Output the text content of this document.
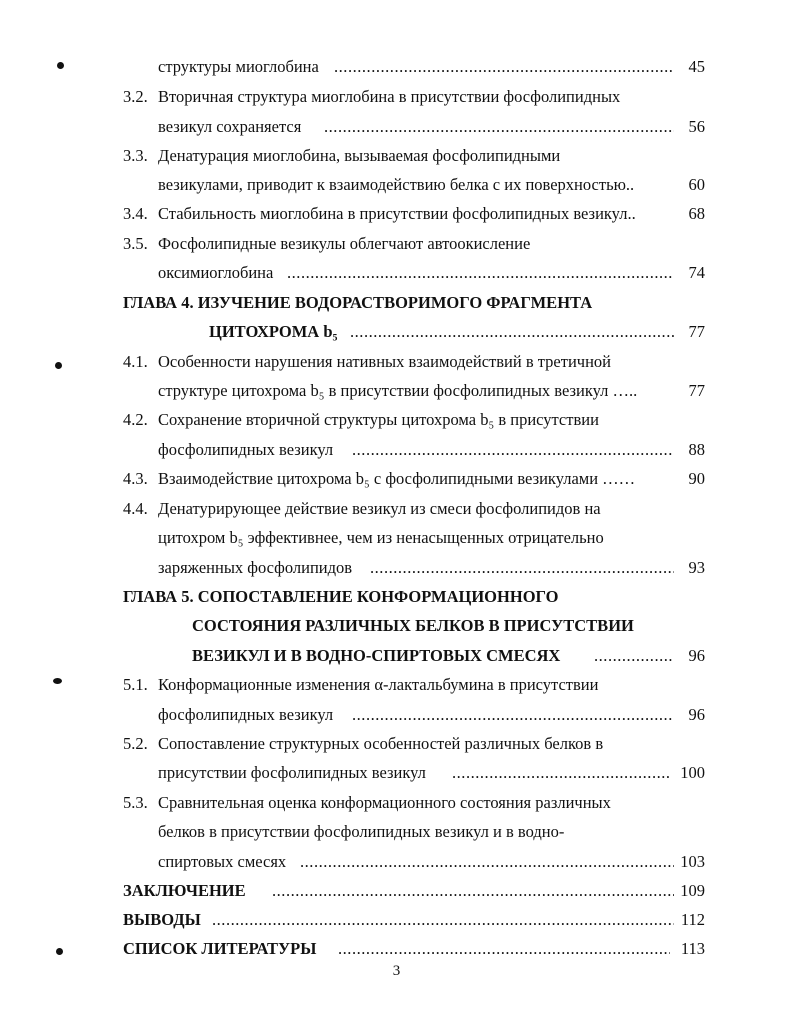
структуры миоглобина . . .	45
3.2. Вторичная структура миоглобина в присутствии фосфолипидных
везикул сохраняется . . .	56
3.3. Денатурация миоглобина, вызываемая фосфолипидными
везикулами, приводит к взаимодействию белка с их поверхностью..	60
3.4. Стабильность миоглобина в присутствии фосфолипидных везикул..	68
3.5. Фосфолипидные везикулы облегчают автоокисление
оксимиоглобина . . .	74
ГЛАВА 4. ИЗУЧЕНИЕ ВОДОРАСТВОРИМОГО ФРАГМЕНТА
ЦИТОХРОМА b₅ . . .	77
4.1. Особенности нарушения нативных взаимодействий в третичной
структуре цитохрома b₅ в присутствии фосфолипидных везикул …..	77
4.2. Сохранение вторичной структуры цитохрома b₅ в присутствии
фосфолипидных везикул . . .	88
4.3. Взаимодействие цитохрома b₅ с фосфолипидными везикулами ……	90
4.4. Денатурирующее действие везикул из смеси фосфолипидов на
цитохром b₅ эффективнее, чем из ненасыщенных отрицательно
заряженных фосфолипидов . . .	93
ГЛАВА 5. СОПОСТАВЛЕНИЕ КОНФОРМАЦИОННОГО
СОСТОЯНИЯ РАЗЛИЧНЫХ БЕЛКОВ В ПРИСУТСТВИИ
ВЕЗИКУЛ И В ВОДНО-СПИРТОВЫХ СМЕСЯХ . . .	96
5.1. Конформационные изменения α-лактальбумина в присутствии
фосфолипидных везикул . . .	96
5.2. Сопоставление структурных особенностей различных белков в
присутствии фосфолипидных везикул . . .	100
5.3. Сравнительная оценка конформационного состояния различных
белков в присутствии фосфолипидных везикул и в водно-
спиртовых смесях . . .	103
ЗАКЛЮЧЕНИЕ . . .	109
ВЫВОДЫ . . .	112
СПИСОК ЛИТЕРАТУРЫ . . .	113
3
